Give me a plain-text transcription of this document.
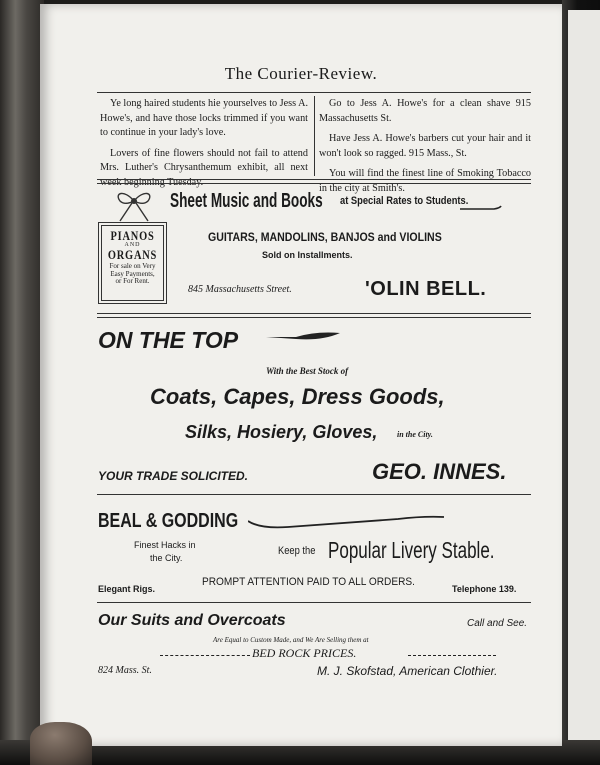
The Courier-Review.

Ye long haired students hie yourselves to Jess A. Howe's, and have those locks trimmed if you want to continue in your lady's love.

Lovers of fine flowers should not fail to attend Mrs. Luther's Chrysanthemum exhibit, all next week beginning Tuesday.

Go to Jess A. Howe's for a clean shave 915 Massachusetts St.

Have Jess A. Howe's barbers cut your hair and it won't look so ragged. 915 Mass., St.

You will find the finest line of Smoking Tobacco in the city at Smith's.

Sheet Music and Books at Special Rates to Students.
PIANOS
AND
ORGANS
For sale on Very Easy Payments, or For Rent.
GUITARS, MANDOLINS, BANJOS and VIOLINS
Sold on Installments.
845 Massachusetts Street.	'OLIN BELL.
ON THE TOP
With the Best Stock of
Coats, Capes, Dress Goods,
Silks, Hosiery, Gloves, in the City.
YOUR TRADE SOLICITED.	GEO. INNES.
BEAL & GODDING
Finest Hacks in
the City.
Keep the Popular Livery Stable.
Elegant Rigs.
PROMPT ATTENTION PAID TO ALL ORDERS.
Telephone 139.
Our Suits and Overcoats	Call and See.
Are Equal to Custom Made, and We Are Selling them at
BED ROCK PRICES.
824 Mass. St.	M. J. Skofstad, American Clothier.
